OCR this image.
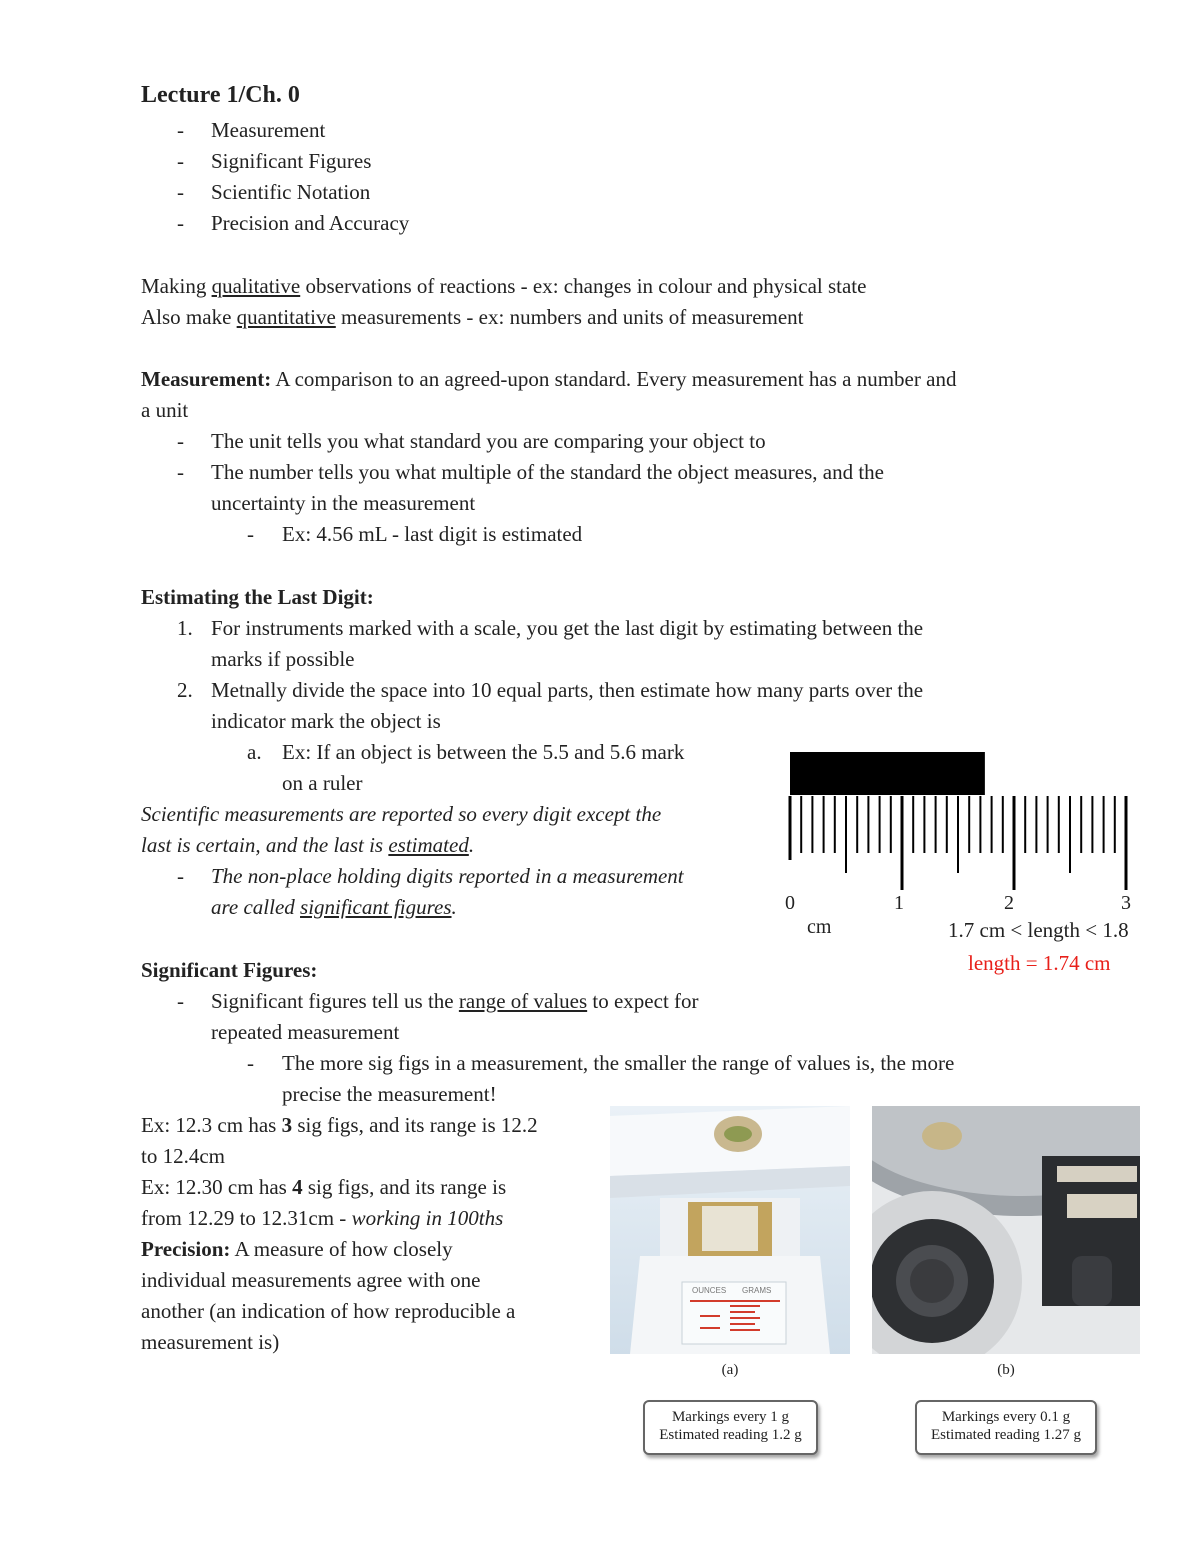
Lecture 1/Ch. 0
- Measurement
- Significant Figures
- Scientific Notation
- Precision and Accuracy
Making qualitative observations of reactions - ex: changes in colour and physical state
Also make quantitative measurements - ex: numbers and units of measurement
Measurement: A comparison to an agreed-upon standard. Every measurement has a number and
a unit
- The unit tells you what standard you are comparing your object to
- The number tells you what multiple of the standard the object measures, and the
uncertainty in the measurement
- Ex: 4.56 mL - last digit is estimated
Estimating the Last Digit:
1. For instruments marked with a scale, you get the last digit by estimating between the
marks if possible
2. Metnally divide the space into 10 equal parts, then estimate how many parts over the
indicator mark the object is
a. Ex: If an object is between the 5.5 and 5.6 mark
on a ruler
Scientific measurements are reported so every digit except the
last is certain, and the last is estimated.
- The non-place holding digits reported in a measurement
are called significant figures.	0	1	2	3
cm	1.7 cm < length < 1.8
length = 1.74 cm
Significant Figures:
- Significant figures tell us the range of values to expect for
repeated measurement
- The more sig figs in a measurement, the smaller the range of values is, the more
precise the measurement!
Ex: 12.3 cm has 3 sig figs, and its range is 12.2
to 12.4cm
Ex: 12.30 cm has 4 sig figs, and its range is
from 12.29 to 12.31cm - working in 100ths
Precision: A measure of how closely
individual measurements agree with one
another (an indication of how reproducible a
measurement is)
OUNCES GRAMS
(a)	(b)
Markings every 1 g
Estimated reading 1.2 g
Markings every 0.1 g
Estimated reading 1.27 g
